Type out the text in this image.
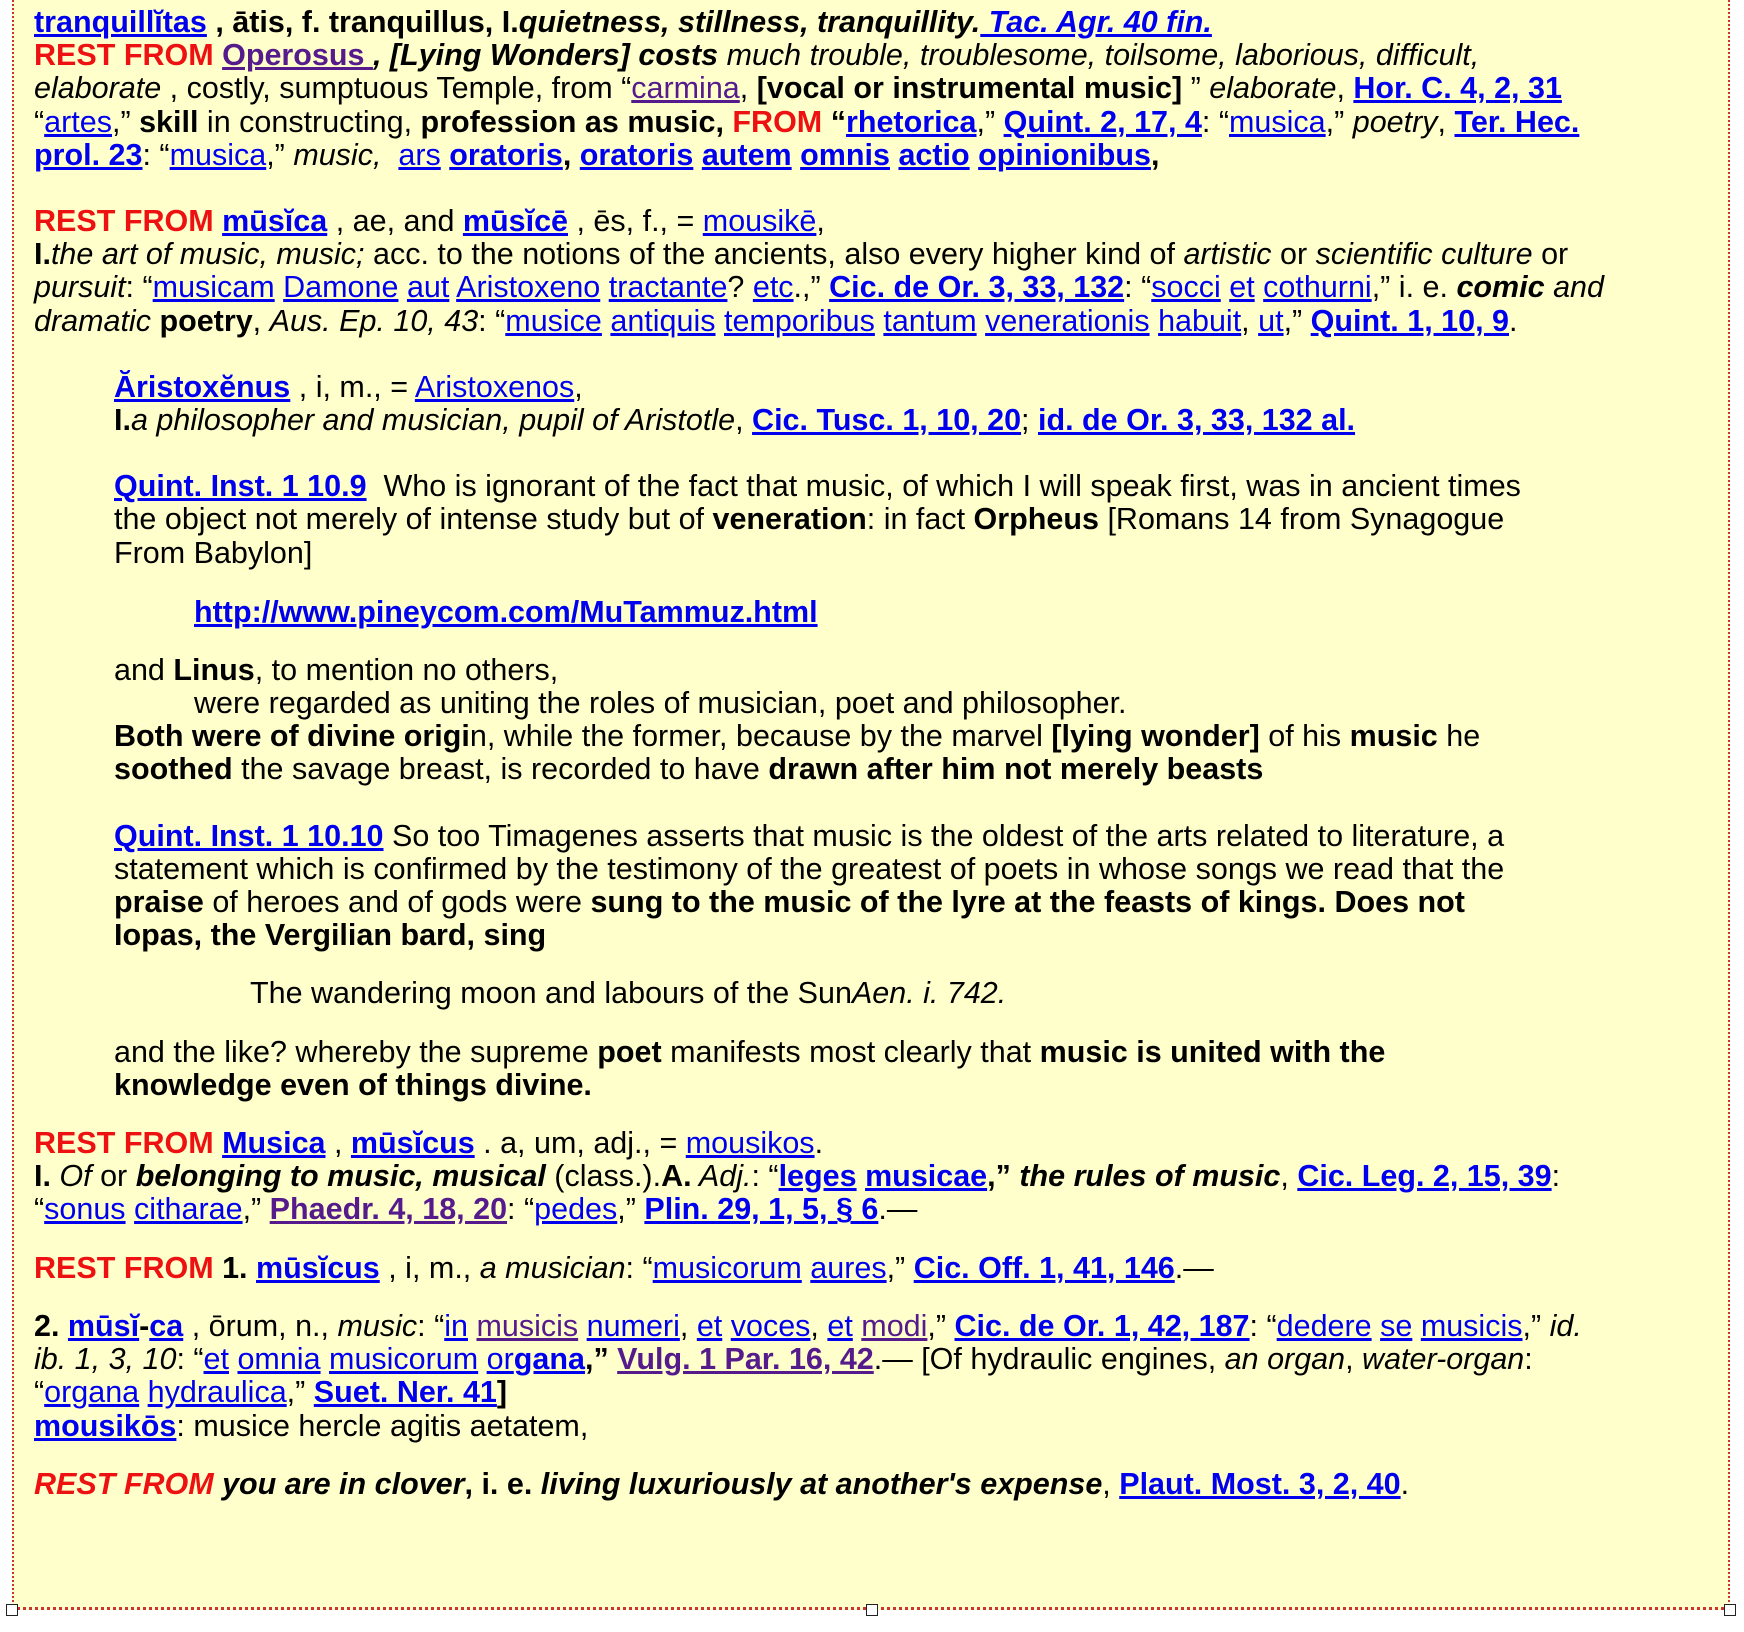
tranquillĭtas , ātis, f. tranquillus, I.quietness, stillness, tranquillity. Tac. Agr. 40 fin.

REST FROM Operosus , [Lying Wonders] costs much trouble, troublesome, toilsome, laborious, difficult,

elaborate , costly, sumptuous Temple, from “carmina, [vocal or instrumental music] ” elaborate, Hor. C. 4, 2, 31

“artes,” skill in constructing, profession as music, FROM “rhetorica,” Quint. 2, 17, 4: “musica,” poetry, Ter. Hec.

prol. 23: “musica,” music, ars oratoris, oratoris autem omnis actio opinionibus,

REST FROM mūsĭca , ae, and mūsĭcē , ēs, f., = mousikē,

I.the art of music, music; acc. to the notions of the ancients, also every higher kind of artistic or scientific culture or

pursuit: “musicam Damone aut Aristoxeno tractante? etc.,” Cic. de Or. 3, 33, 132: “socci et cothurni,” i. e. comic and

dramatic poetry, Aus. Ep. 10, 43: “musice antiquis temporibus tantum venerationis habuit, ut,” Quint. 1, 10, 9.

Ăristoxĕnus , i, m., = Aristoxenos,

I.a philosopher and musician, pupil of Aristotle, Cic. Tusc. 1, 10, 20; id. de Or. 3, 33, 132 al.

Quint. Inst. 1 10.9  Who is ignorant of the fact that music, of which I will speak first, was in ancient times

the object not merely of intense study but of veneration: in fact Orpheus [Romans 14 from Synagogue

From Babylon]

http://www.pineycom.com/MuTammuz.html

and Linus, to mention no others,

were regarded as uniting the roles of musician, poet and philosopher.

Both were of divine origin, while the former, because by the marvel [lying wonder] of his music he

soothed the savage breast, is recorded to have drawn after him not merely beasts

Quint. Inst. 1 10.10 So too Timagenes asserts that music is the oldest of the arts related to literature, a

statement which is confirmed by the testimony of the greatest of poets in whose songs we read that the

praise of heroes and of gods were sung to the music of the lyre at the feasts of kings. Does not

Iopas, the Vergilian bard, sing

The wandering moon and labours of the SunAen. i. 742.

and the like? whereby the supreme poet manifests most clearly that music is united with the

knowledge even of things divine.

REST FROM Musica , mūsĭcus . a, um, adj., = mousikos.

I. Of or belonging to music, musical (class.).A. Adj.: “leges musicae,” the rules of music, Cic. Leg. 2, 15, 39:

“sonus citharae,” Phaedr. 4, 18, 20: “pedes,” Plin. 29, 1, 5, § 6.—

REST FROM 1. mūsĭcus , i, m., a musician: “musicorum aures,” Cic. Off. 1, 41, 146.—

2. mūsĭ-ca , ōrum, n., music: “in musicis numeri, et voces, et modi,” Cic. de Or. 1, 42, 187: “dedere se musicis,” id.

ib. 1, 3, 10: “et omnia musicorum organa,” Vulg. 1 Par. 16, 42.— [Of hydraulic engines, an organ, water-organ:

“organa hydraulica,” Suet. Ner. 41]

mousikōs: musice hercle agitis aetatem,

REST FROM you are in clover, i. e. living luxuriously at another's expense, Plaut. Most. 3, 2, 40.
